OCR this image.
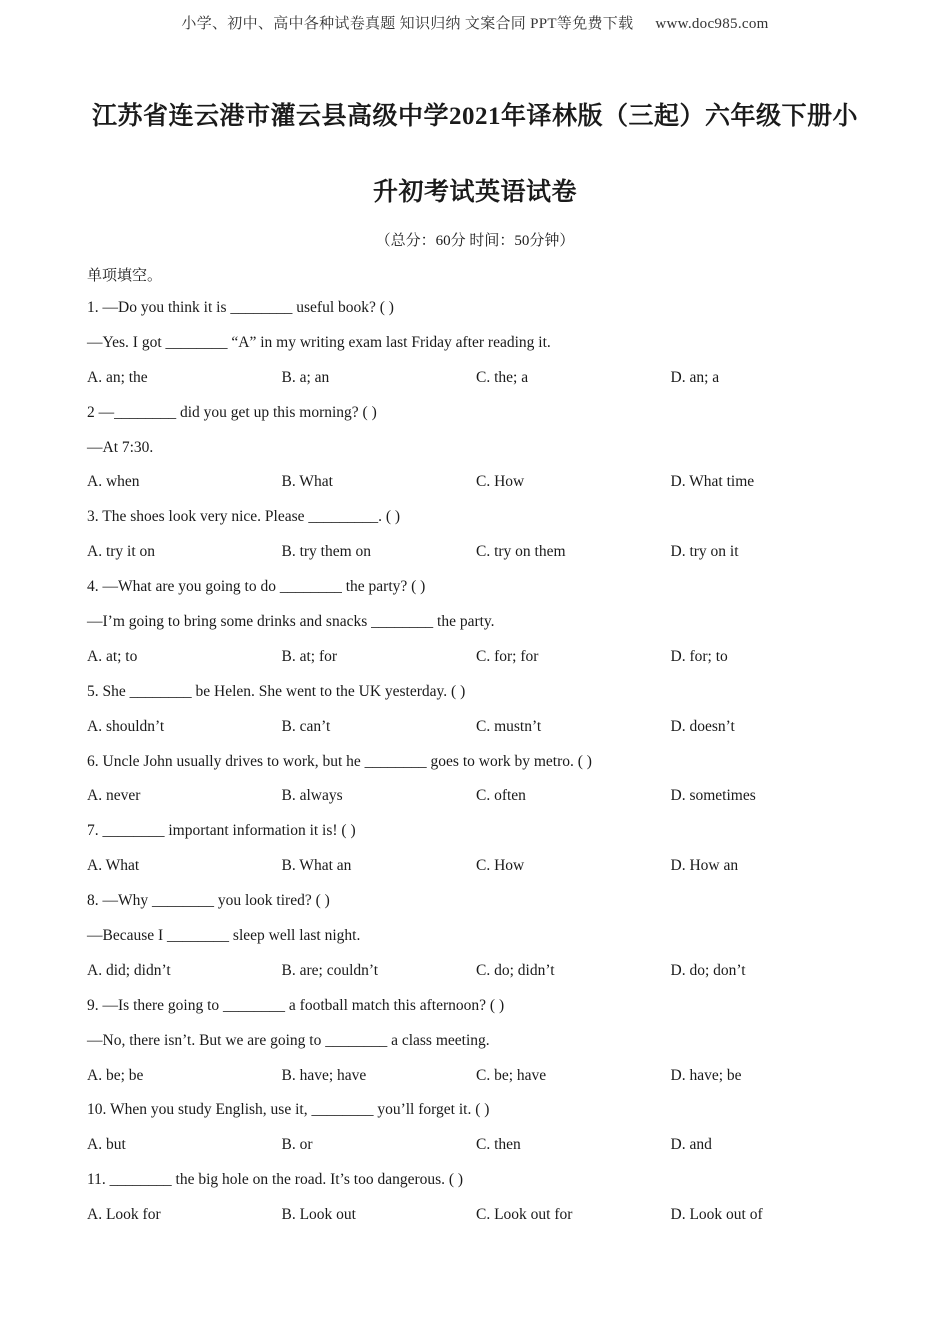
小学、初中、高中各种试卷真题 知识归纳 文案合同 PPT等免费下载 www.doc985.com
江苏省连云港市灌云县高级中学2021年译林版（三起）六年级下册小
升初考试英语试卷
（总分：60分 时间：50分钟）
单项填空。
1. —Do you think it is ________ useful book? ( )
—Yes. I got ________ “A” in my writing exam last Friday after reading it.
A. an; the	B. a; an	C. the; a	D. an; a
2 —________ did you get up this morning? ( )
—At 7:30.
A. when	B. What	C. How	D. What time
3. The shoes look very nice. Please _________. ( )
A. try it on	B. try them on	C. try on them	D. try on it
4. —What are you going to do ________ the party? ( )
—I’m going to bring some drinks and snacks ________ the party.
A. at; to	B. at; for	C. for; for	D. for; to
5. She ________ be Helen. She went to the UK yesterday. ( )
A. shouldn’t	B. can’t	C. mustn’t	D. doesn’t
6. Uncle John usually drives to work, but he ________ goes to work by metro. ( )
A. never	B. always	C. often	D. sometimes
7. ________ important information it is! ( )
A. What	B. What an	C. How	D. How an
8. —Why ________ you look tired? ( )
—Because I ________ sleep well last night.
A. did; didn’t	B. are; couldn’t	C. do; didn’t	D. do; don’t
9. —Is there going to ________ a football match this afternoon? ( )
—No, there isn’t. But we are going to ________ a class meeting.
A. be; be	B. have; have	C. be; have	D. have; be
10. When you study English, use it, ________ you’ll forget it. ( )
A. but	B. or	C. then	D. and
11. ________ the big hole on the road. It’s too dangerous. ( )
A. Look for	B. Look out	C. Look out for	D. Look out of
